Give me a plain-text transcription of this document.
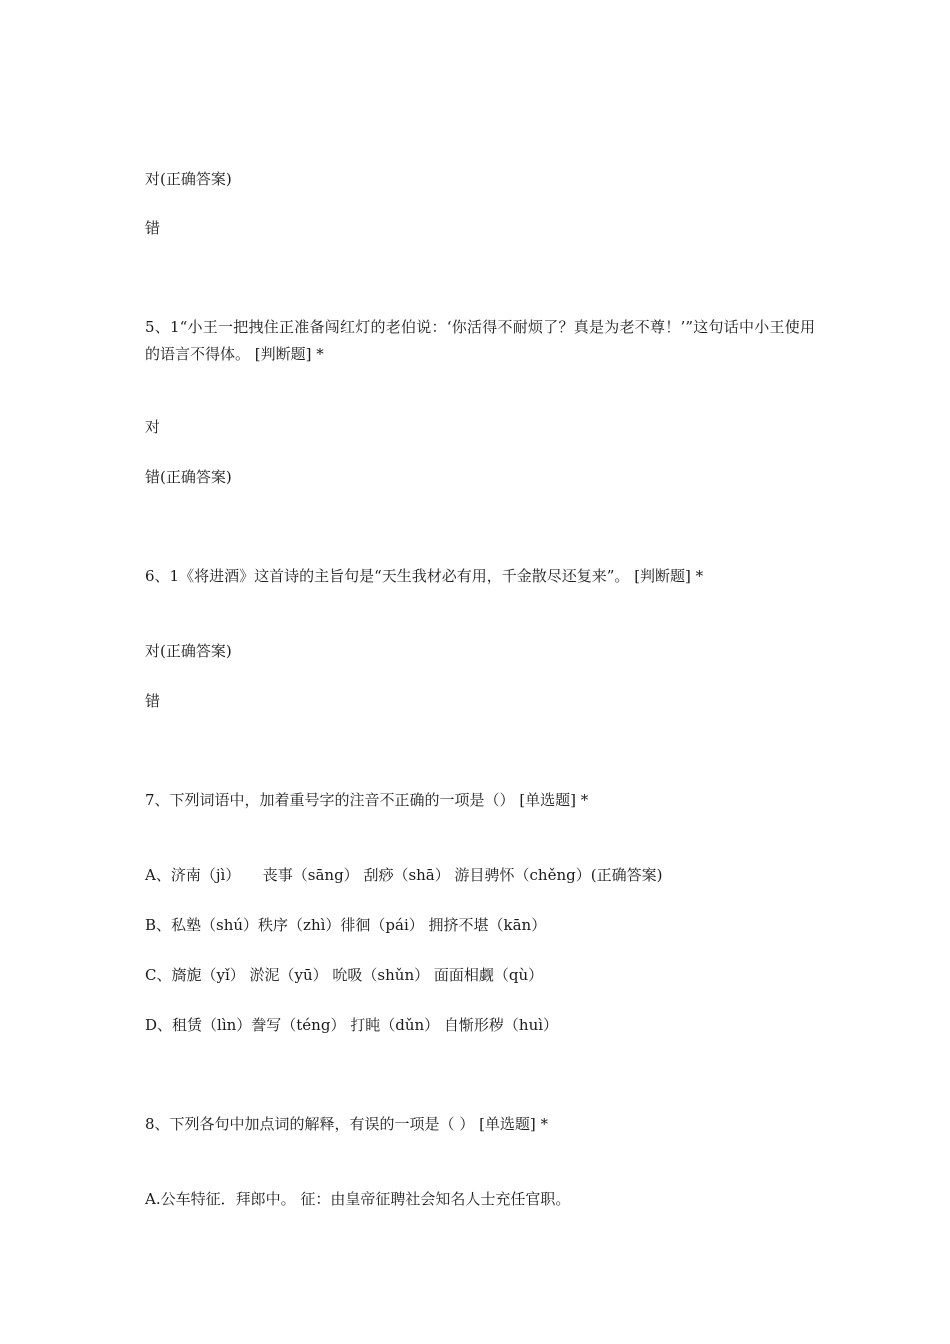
对(正确答案)
错
5、1“小王一把拽住正准备闯红灯的老伯说：‘你活得不耐烦了？真是为老不尊！’”这句话中小王使用的语言不得体。 [判断题] *
对
错(正确答案)
6、1《将进酒》这首诗的主旨句是“天生我材必有用，千金散尽还复来”。 [判断题] *
对(正确答案)
错
7、下列词语中，加着重号字的注音不正确的一项是（） [单选题] *
A、济南（jì）　　丧事（sāng） 刮痧（shā） 游目骋怀（chěng）(正确答案)
B、私塾（shú）秩序（zhì）徘徊（pái） 拥挤不堪（kān）
C、旖旎（yǐ） 淤泥（yū） 吮吸（shǔn） 面面相觑（qù）
D、租赁（lìn）誊写（téng） 打盹（dǔn） 自惭形秽（huì）
8、下列各句中加点词的解释，有误的一项是（ ） [单选题] *
A.公车特征．拜郎中。 征：由皇帝征聘社会知名人士充任官职。
